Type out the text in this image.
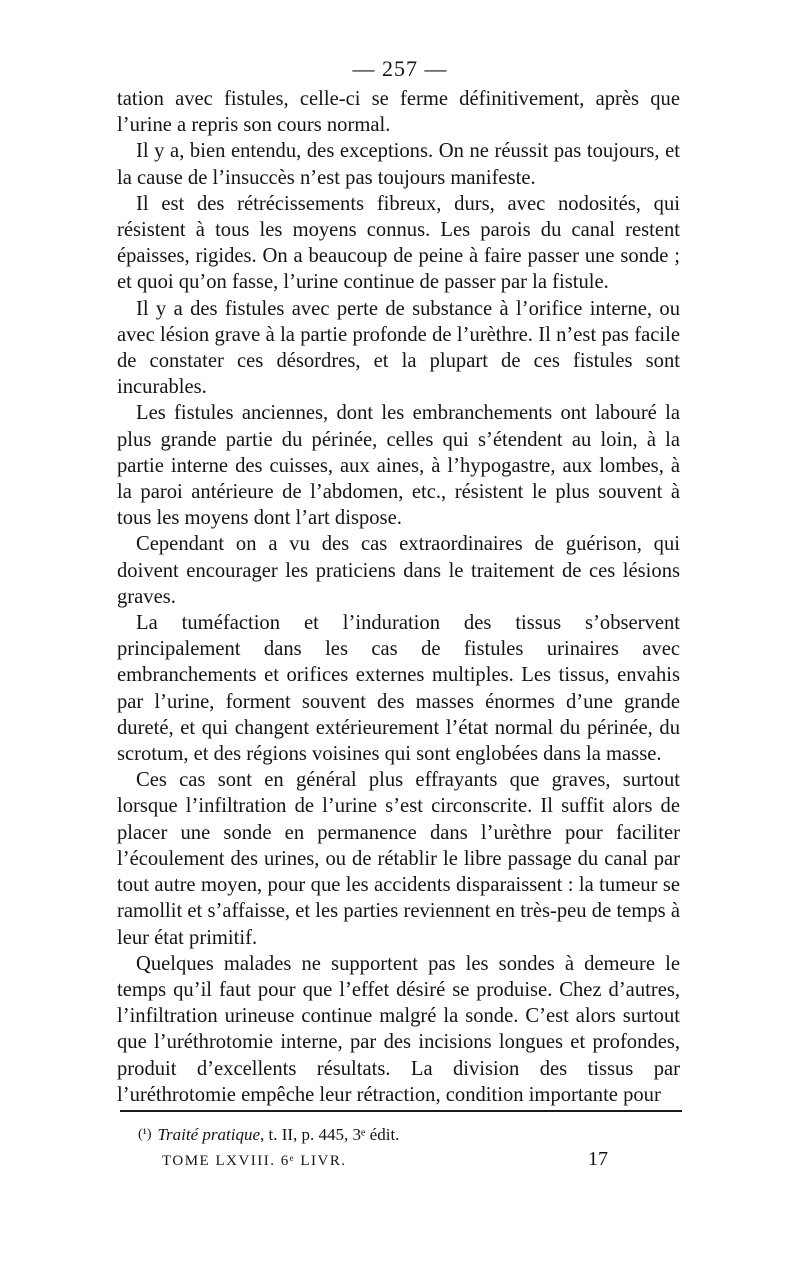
— 257 —

tation avec fistules, celle-ci se ferme définitivement, après que l’urine a repris son cours normal.

Il y a, bien entendu, des exceptions. On ne réussit pas toujours, et la cause de l’insuccès n’est pas toujours manifeste.

Il est des rétrécissements fibreux, durs, avec nodosités, qui résistent à tous les moyens connus. Les parois du canal restent épaisses, rigides. On a beaucoup de peine à faire passer une sonde ; et quoi qu’on fasse, l’urine continue de passer par la fistule.

Il y a des fistules avec perte de substance à l’orifice interne, ou avec lésion grave à la partie profonde de l’urèthre. Il n’est pas facile de constater ces désordres, et la plupart de ces fistules sont incurables.

Les fistules anciennes, dont les embranchements ont labouré la plus grande partie du périnée, celles qui s’étendent au loin, à la partie interne des cuisses, aux aines, à l’hypogastre, aux lombes, à la paroi antérieure de l’abdomen, etc., résistent le plus souvent à tous les moyens dont l’art dispose.

Cependant on a vu des cas extraordinaires de guérison, qui doivent encourager les praticiens dans le traitement de ces lésions graves.

La tuméfaction et l’induration des tissus s’observent principalement dans les cas de fistules urinaires avec embranchements et orifices externes multiples. Les tissus, envahis par l’urine, forment souvent des masses énormes d’une grande dureté, et qui changent extérieurement l’état normal du périnée, du scrotum, et des régions voisines qui sont englobées dans la masse.

Ces cas sont en général plus effrayants que graves, surtout lorsque l’infiltration de l’urine s’est circonscrite. Il suffit alors de placer une sonde en permanence dans l’urèthre pour faciliter l’écoulement des urines, ou de rétablir le libre passage du canal par tout autre moyen, pour que les accidents disparaissent : la tumeur se ramollit et s’affaisse, et les parties reviennent en très-peu de temps à leur état primitif.

Quelques malades ne supportent pas les sondes à demeure le temps qu’il faut pour que l’effet désiré se produise. Chez d’autres, l’infiltration urineuse continue malgré la sonde. C’est alors surtout que l’uréthrotomie interne, par des incisions longues et profondes, produit d’excellents résultats. La division des tissus par l’uréthrotomie empêche leur rétraction, condition importante pour

(¹) Traité pratique, t. II, p. 445, 3ᵉ édit.
TOME LXVIII. 6ᵉ LIVR.	17
